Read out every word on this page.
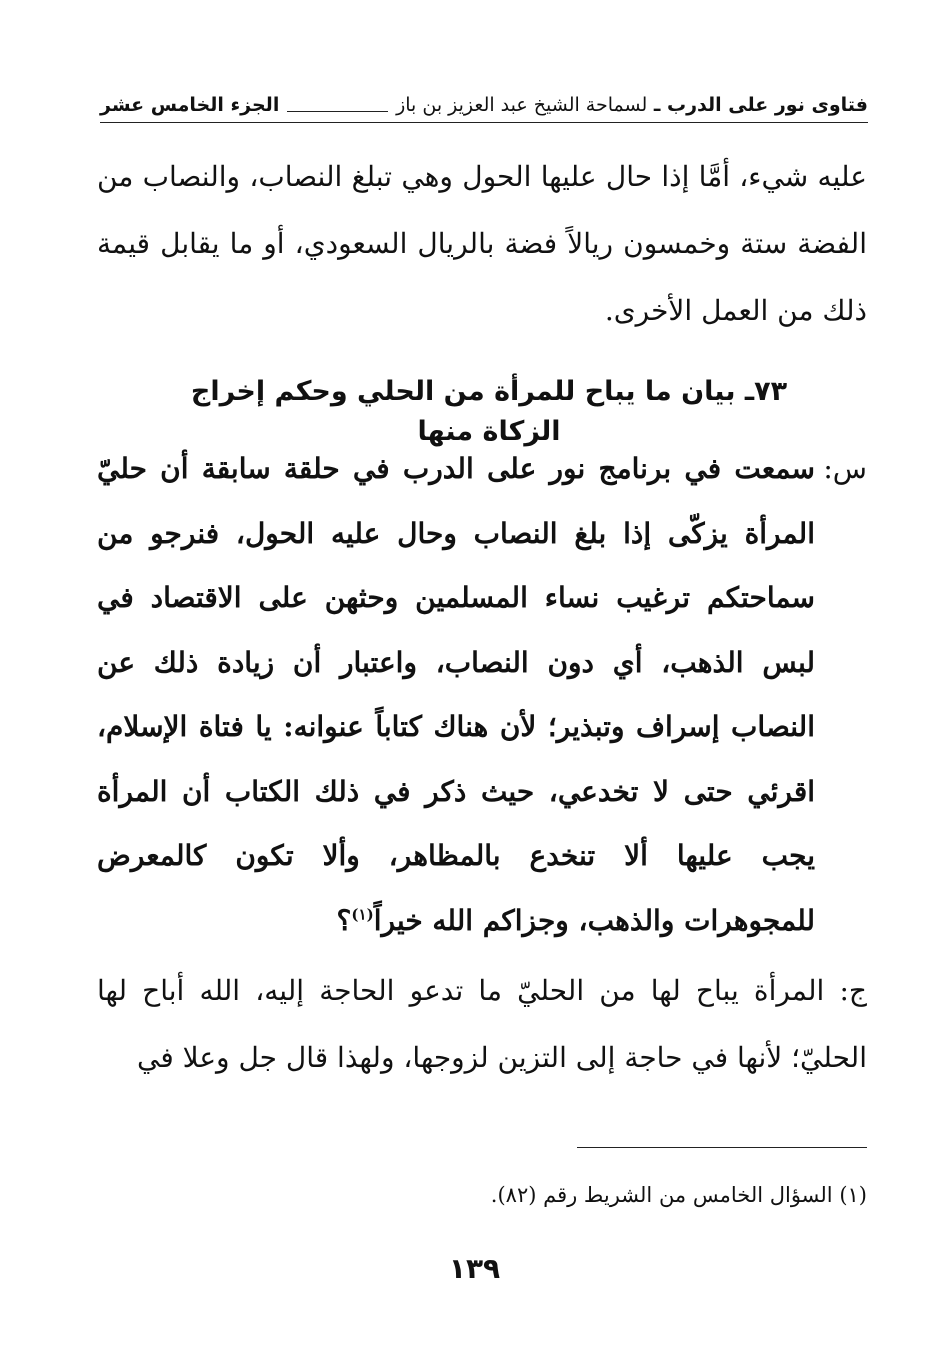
فتاوى نور على الدرب ـ لسماحة الشيخ عبد العزيز بن باز
الجزء الخامس عشر
عليه شيء، أمَّا إذا حال عليها الحول وهي تبلغ النصاب، والنصاب من الفضة ستة وخمسون ريالاً فضة بالريال السعودي، أو ما يقابل قيمة ذلك من العمل الأخرى.
٧٣ـ بيان ما يباح للمرأة من الحلي وحكم إخراج الزكاة منها
س:
سمعت في برنامج نور على الدرب في حلقة سابقة أن حليّ المرأة يزكّى إذا بلغ النصاب وحال عليه الحول، فنرجو من سماحتكم ترغيب نساء المسلمين وحثهن على الاقتصاد في لبس الذهب، أي دون النصاب، واعتبار أن زيادة ذلك عن النصاب إسراف وتبذير؛ لأن هناك كتاباً عنوانه: يا فتاة الإسلام، اقرئي حتى لا تخدعي، حيث ذكر في ذلك الكتاب أن المرأة يجب عليها ألا تنخدع بالمظاهر، وألا تكون كالمعرض للمجوهرات والذهب، وجزاكم الله خيراً$^{(١)}$؟
ج: المرأة يباح لها من الحليّ ما تدعو الحاجة إليه، الله أباح لها الحليّ؛ لأنها في حاجة إلى التزين لزوجها، ولهذا قال جل وعلا في
(١) السؤال الخامس من الشريط رقم (٨٢).
١٣٩
